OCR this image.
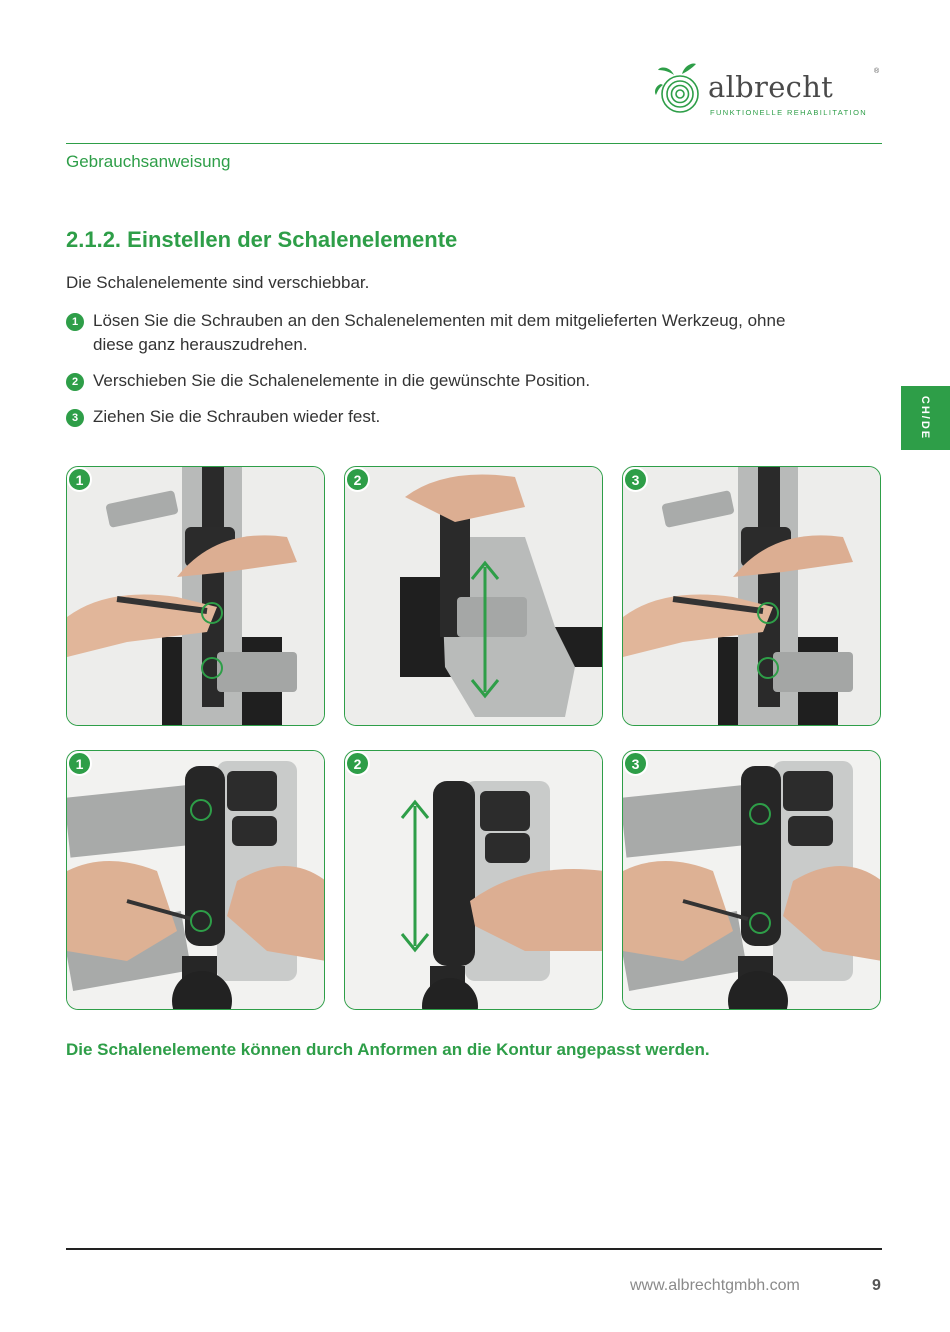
albrecht	®
FUNKTIONELLE REHABILITATION
Gebrauchsanweisung
CH/DE
2.1.2. Einstellen der Schalenelemente

Die Schalenelemente sind verschiebbar.

1 Lösen Sie die Schrauben an den Schalenelementen mit dem mitgelieferten Werkzeug, ohne diese ganz herauszudrehen.
2 Verschieben Sie die Schalenelemente in die gewünschte Position.
3 Ziehen Sie die Schrauben wieder fest.
1	2	3
1	2	3

Die Schalenelemente können durch Anformen an die Kontur angepasst werden.

www.albrechtgmbh.com	9
